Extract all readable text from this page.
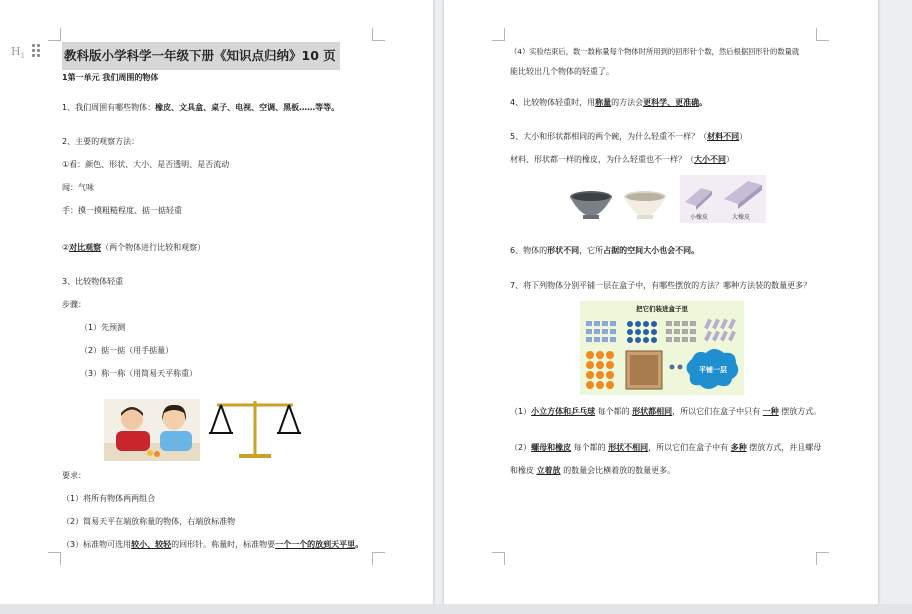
$H_1$	教科版小学科学一年级下册《知识点归纳》10 页
1第一单元 我们周围的物体
1、我们周围有哪些物体：橡皮、文具盒、桌子、电视、空调、黑板……等等。
2、主要的观察方法：
①看：颜色、形状、大小、是否透明、是否流动
闻：气味
手：摸一摸粗糙程度、掂一掂轻重
②对比观察（两个物体进行比较和观察）
3、比较物体轻重
步骤：
（1）先预测
（2）掂一掂（用手掂量）
（3）称一称（用简易天平称重）
要求：
（1）将所有物体两两组合
（2）简易天平在端放称量的物体，右端放标准物
（3）标准物可选用较小、较轻的回形针。称量时，标准物要一个一个的放到天平里。
（4）实验结束后，数一数称量每个物体时所用到的回形针个数，然后根据回形针的数量就
能比较出几个物体的轻重了。
4、比较物体轻重时，用称量的方法会更科学、更准确。
5、大小和形状都相同的两个碗，为什么轻重不一样？（材料不同）
材料、形状都一样的橡皮，为什么轻重也不一样？（大小不同）
小橡皮	大橡皮
6、物体的形状不同，它所占据的空间大小也会不同。
7、将下列物体分别平铺一层在盒子中，有哪些摆放的方法？哪种方法装的数量更多？
把它们装进盒子里
平铺一层
（1）小立方体和乒乓球 每个都的 形状都相同，所以它们在盒子中只有 一种 摆放方式。
（2）螺母和橡皮 每个都的 形状不相同，所以它们在盒子中有 多种 摆放方式，并且螺母
和橡皮 立着放 的数量会比横着放的数量更多。
